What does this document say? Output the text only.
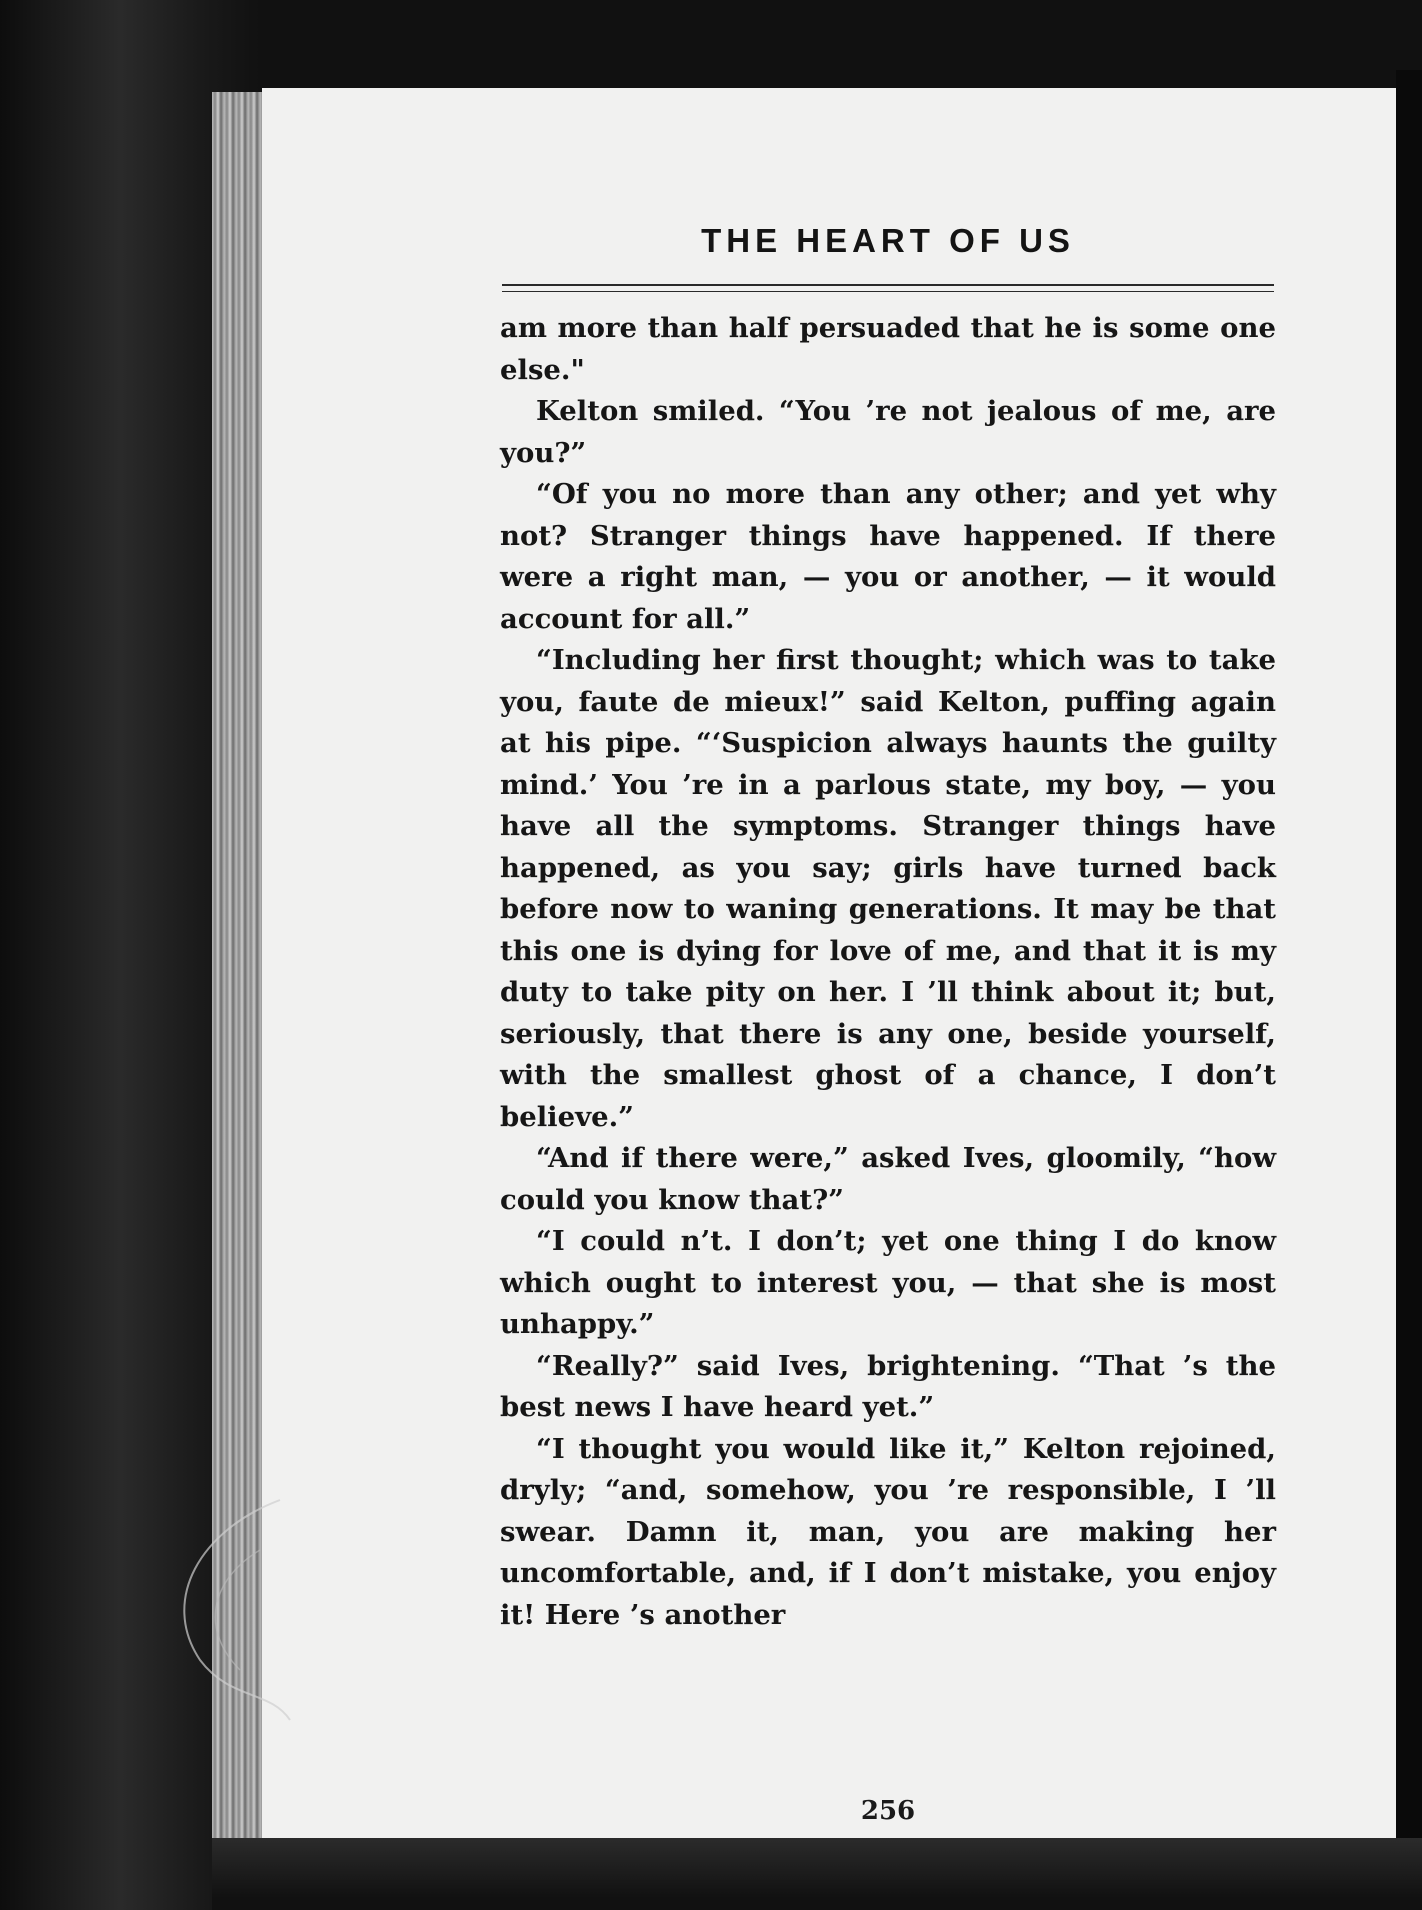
THE HEART OF US

am more than half persuaded that he is some one else."

Kelton smiled. “You ’re not jealous of me, are you?”

“Of you no more than any other; and yet why not? Stranger things have happened. If there were a right man, — you or another, — it would account for all.”

“Including her first thought; which was to take you, faute de mieux!” said Kelton, puffing again at his pipe. “‘Suspicion always haunts the guilty mind.’ You ’re in a parlous state, my boy, — you have all the symptoms. Stranger things have happened, as you say; girls have turned back before now to waning generations. It may be that this one is dying for love of me, and that it is my duty to take pity on her. I ’ll think about it; but, seriously, that there is any one, beside yourself, with the smallest ghost of a chance, I don’t believe.”

“And if there were,” asked Ives, gloomily, “how could you know that?”

“I could n’t. I don’t; yet one thing I do know which ought to interest you, — that she is most unhappy.”

“Really?” said Ives, brightening. “That ’s the best news I have heard yet.”

“I thought you would like it,” Kelton rejoined, dryly; “and, somehow, you ’re responsible, I ’ll swear. Damn it, man, you are making her uncomfortable, and, if I don’t mistake, you enjoy it! Here ’s another

256
